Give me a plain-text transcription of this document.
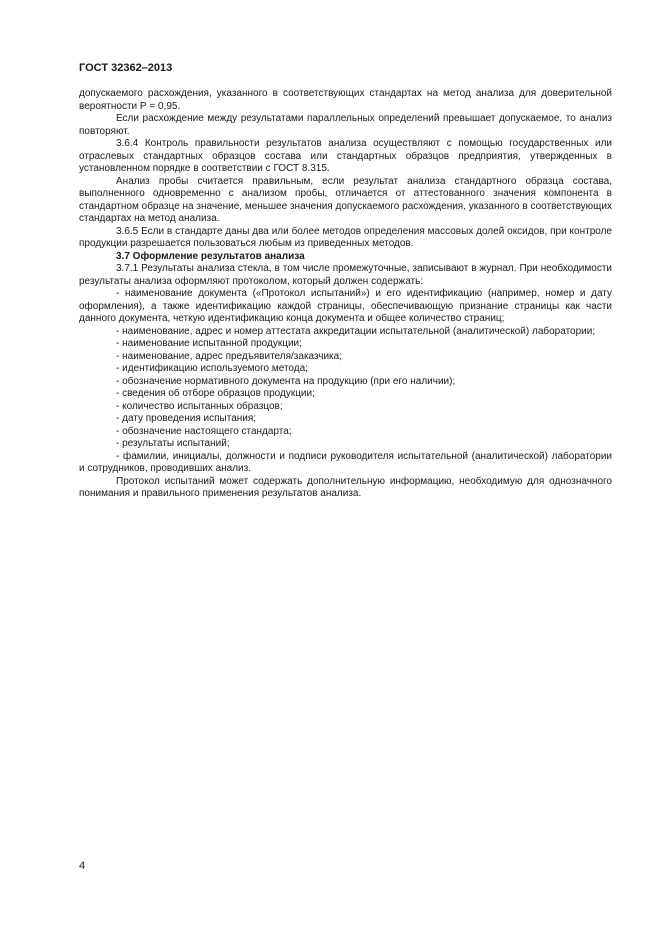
ГОСТ 32362–2013

допускаемого расхождения, указанного в соответствующих стандартах на метод анализа для доверительной вероятности Р = 0,95.

Если расхождение между результатами параллельных определений превышает допускаемое, то анализ повторяют.

3.6.4 Контроль правильности результатов анализа осуществляют с помощью государственных или отраслевых стандартных образцов состава или стандартных образцов предприятия, утвержденных в установленном порядке в соответствии с ГОСТ 8.315.

Анализ пробы считается правильным, если результат анализа стандартного образца состава, выполненного одновременно с анализом пробы, отличается от аттестованного значения компонента в стандартном образце на значение, меньшее значения допускаемого расхождения, указанного в соответствующих стандартах на метод анализа.

3.6.5 Если в стандарте даны два или более методов определения массовых долей оксидов, при контроле продукции разрешается пользоваться любым из приведенных методов.

3.7 Оформление результатов анализа

3.7.1 Результаты анализа стекла, в том числе промежуточные, записывают в журнал. При необходимости результаты анализа оформляют протоколом, который должен содержать:

- наименование документа («Протокол испытаний») и его идентификацию (например, номер и дату оформления), а также идентификацию каждой страницы, обеспечивающую признание страницы как части данного документа, четкую идентификацию конца документа и общее количество страниц;

- наименование, адрес и номер аттестата аккредитации испытательной (аналитической) лаборатории;

- наименование испытанной продукции;

- наименование, адрес предъявителя/заказчика;

- идентификацию используемого метода;

- обозначение нормативного документа на продукцию (при его наличии);

- сведения об отборе образцов продукции;

- количество испытанных образцов;

- дату проведения испытания;

- обозначение настоящего стандарта;

- результаты испытаний;

- фамилии, инициалы, должности и подписи руководителя испытательной (аналитической) лаборатории и сотрудников, проводивших анализ.

Протокол испытаний может содержать дополнительную информацию, необходимую для однозначного понимания и правильного применения результатов анализа.

4
